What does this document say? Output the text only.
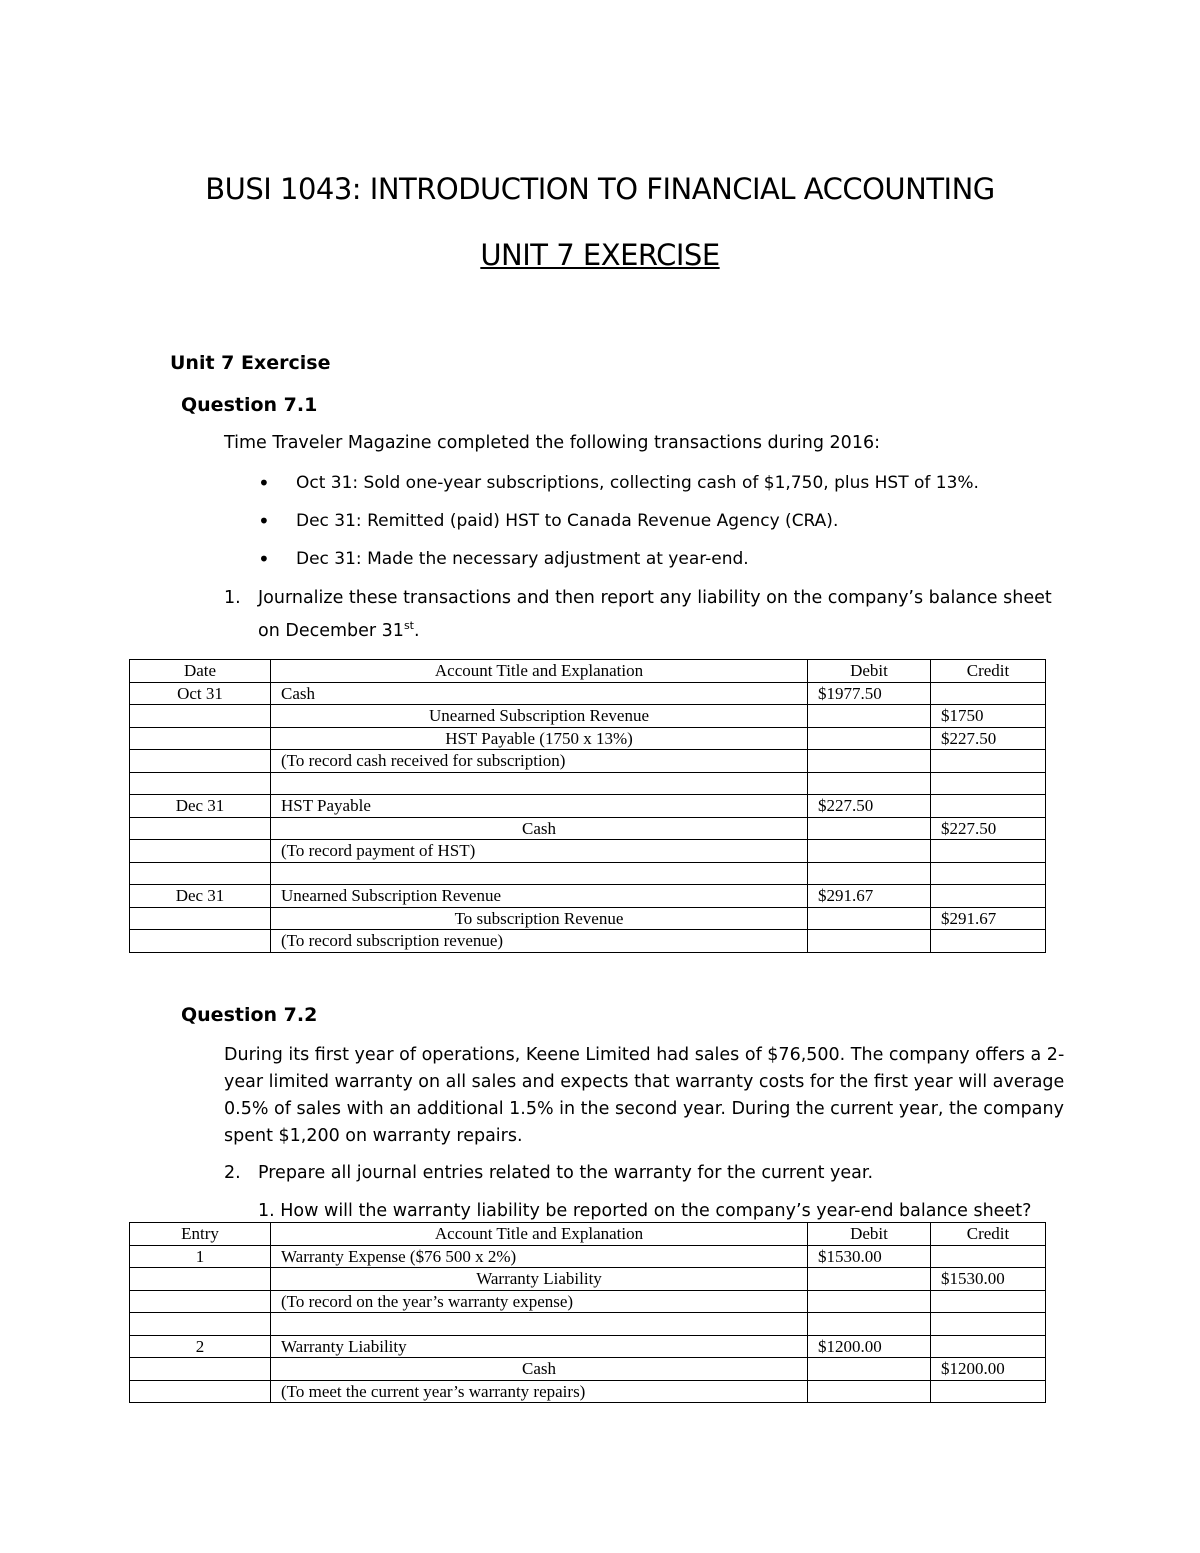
BUSI 1043: INTRODUCTION TO FINANCIAL ACCOUNTING
UNIT 7 EXERCISE
Unit 7 Exercise
Question 7.1
Time Traveler Magazine completed the following transactions during 2016:
• Oct 31: Sold one-year subscriptions, collecting cash of $1,750, plus HST of 13%.
• Dec 31: Remitted (paid) HST to Canada Revenue Agency (CRA).
• Dec 31: Made the necessary adjustment at year-end.
1. Journalize these transactions and then report any liability on the company’s balance sheet
on December 31st.
Date	Account Title and Explanation	Debit	Credit
Oct 31	Cash	$1977.50	
	Unearned Subscription Revenue		$1750
	HST Payable (1750 x 13%)		$227.50
	(To record cash received for subscription)		

Dec 31	HST Payable	$227.50	
	Cash		$227.50
	(To record payment of HST)		

Dec 31	Unearned Subscription Revenue	$291.67	
	To subscription Revenue		$291.67
	(To record subscription revenue)		
Question 7.2
During its first year of operations, Keene Limited had sales of $76,500. The company offers a 2-
year limited warranty on all sales and expects that warranty costs for the first year will average
0.5% of sales with an additional 1.5% in the second year. During the current year, the company
spent $1,200 on warranty repairs.
2. Prepare all journal entries related to the warranty for the current year.
1. How will the warranty liability be reported on the company’s year-end balance sheet?
Entry	Account Title and Explanation	Debit	Credit
1	Warranty Expense ($76 500 x 2%)	$1530.00	
	Warranty Liability		$1530.00
	(To record on the year’s warranty expense)		

2	Warranty Liability	$1200.00	
	Cash		$1200.00
	(To meet the current year’s warranty repairs)		
